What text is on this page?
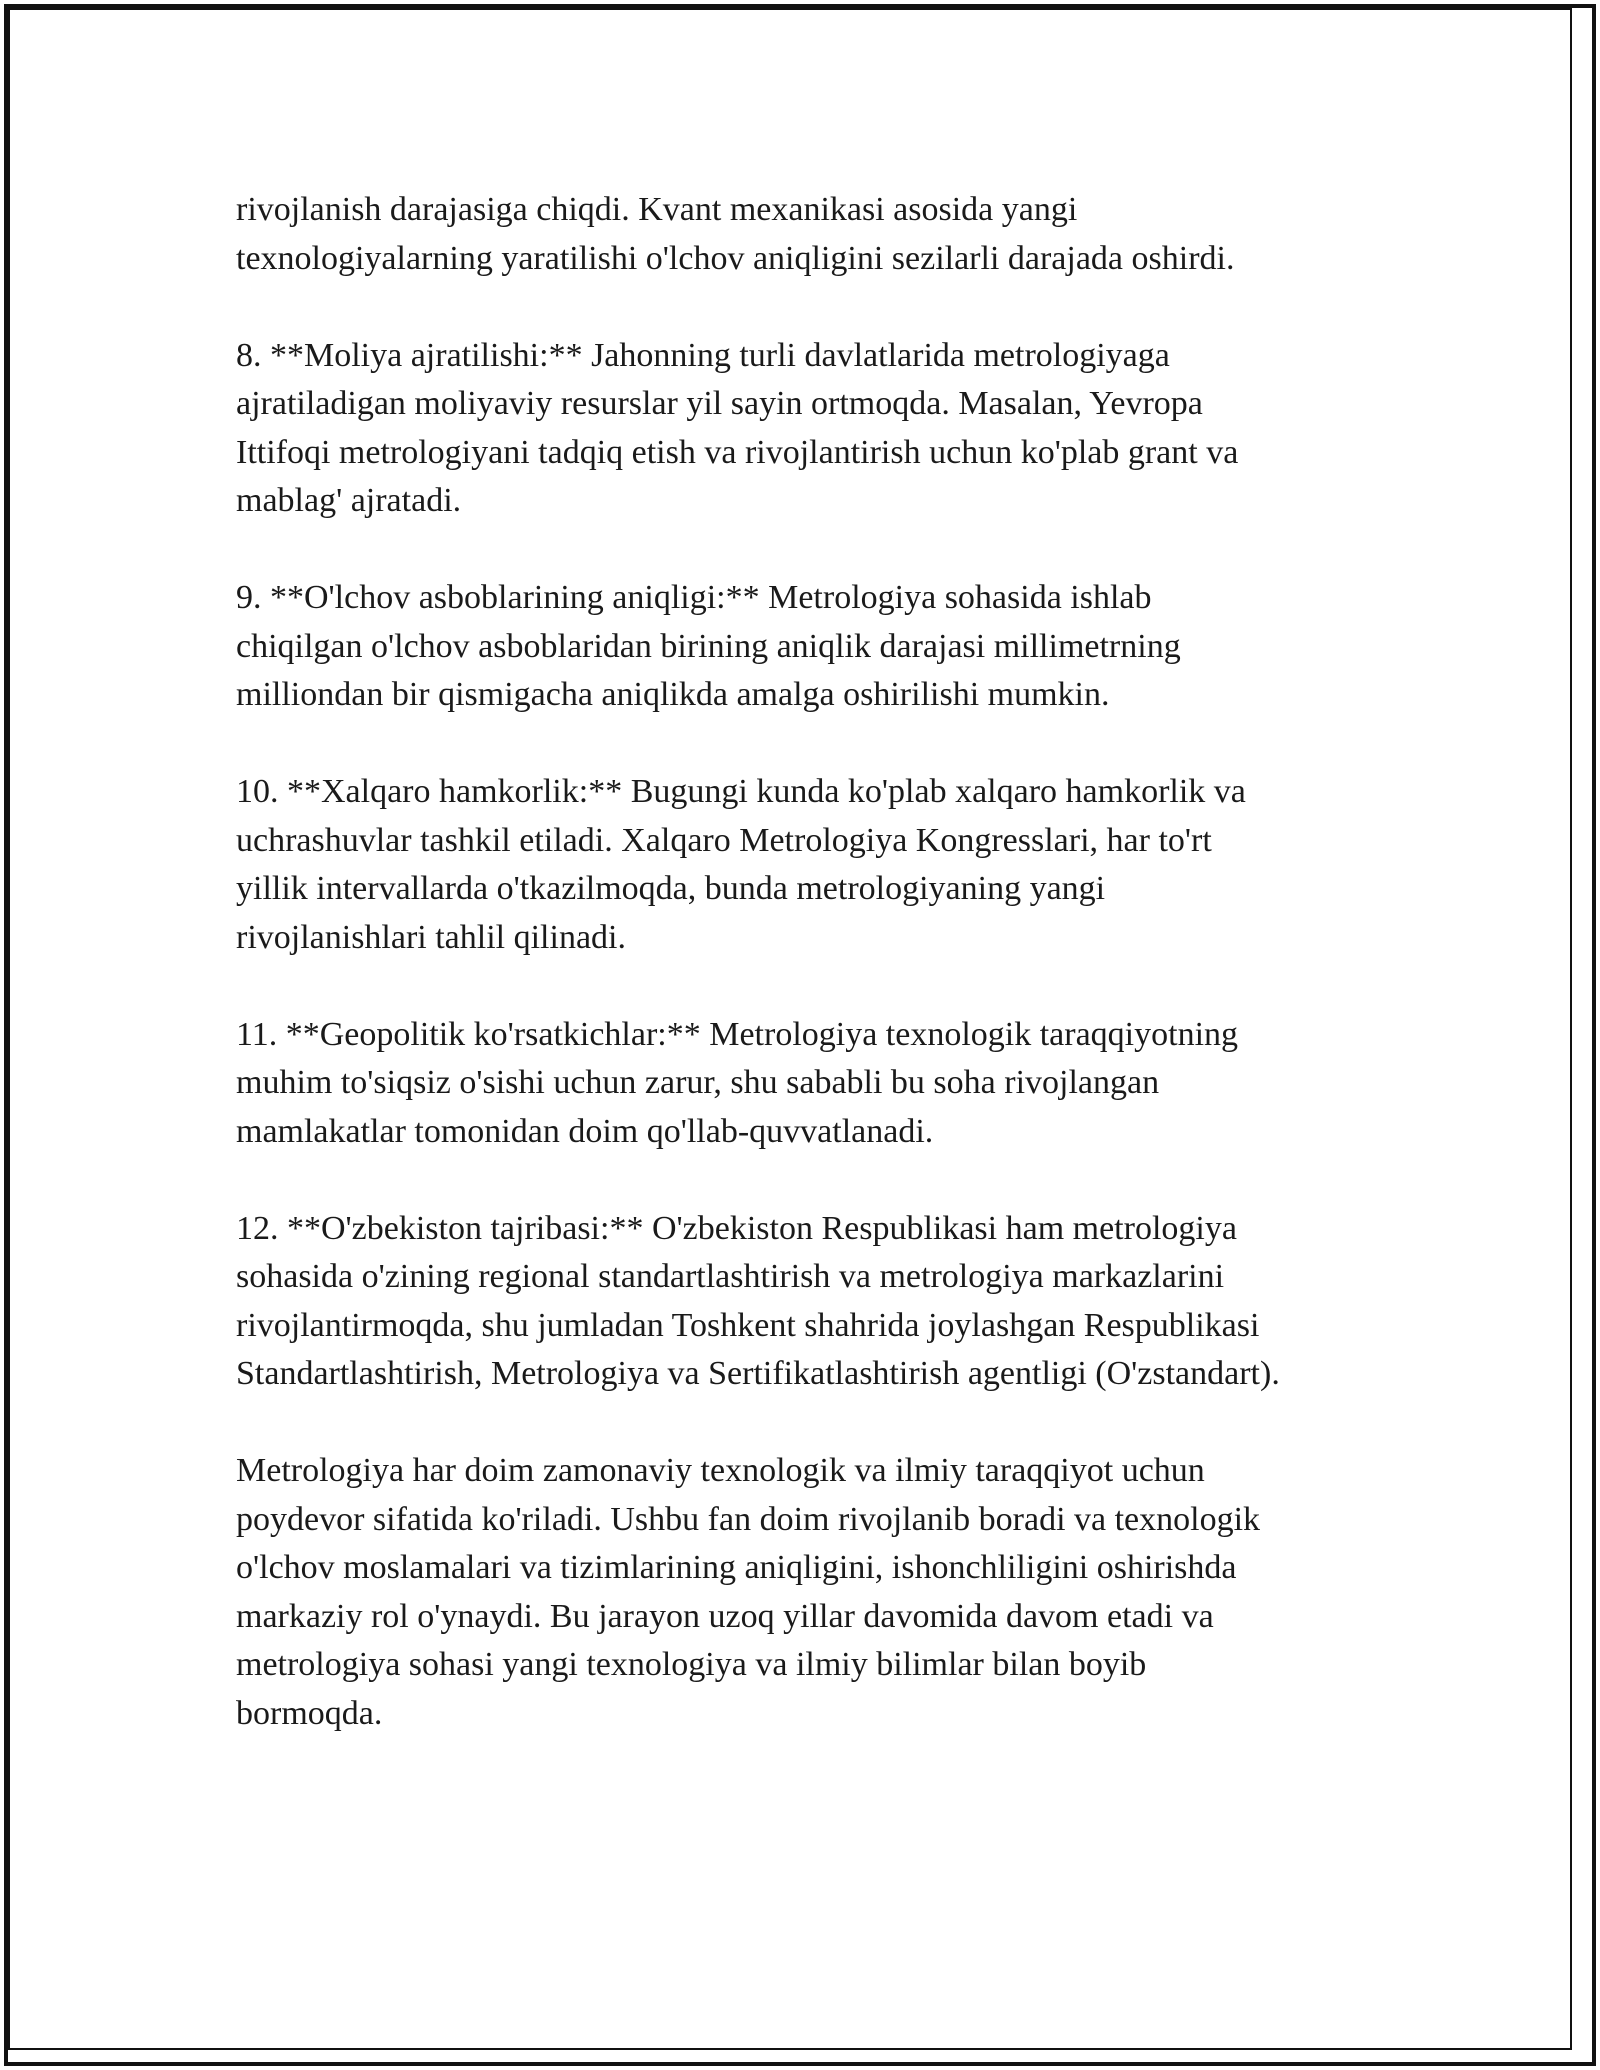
rivojlanish darajasiga chiqdi. Kvant mexanikasi asosida yangi
texnologiyalarning yaratilishi o'lchov aniqligini sezilarli darajada oshirdi.

8. **Moliya ajratilishi:** Jahonning turli davlatlarida metrologiyaga
ajratiladigan moliyaviy resurslar yil sayin ortmoqda. Masalan, Yevropa
Ittifoqi metrologiyani tadqiq etish va rivojlantirish uchun ko'plab grant va
mablag' ajratadi.

9. **O'lchov asboblarining aniqligi:** Metrologiya sohasida ishlab
chiqilgan o'lchov asboblaridan birining aniqlik darajasi millimetrning
milliondan bir qismigacha aniqlikda amalga oshirilishi mumkin.

10. **Xalqaro hamkorlik:** Bugungi kunda ko'plab xalqaro hamkorlik va
uchrashuvlar tashkil etiladi. Xalqaro Metrologiya Kongresslari, har to'rt
yillik intervallarda o'tkazilmoqda, bunda metrologiyaning yangi
rivojlanishlari tahlil qilinadi.

11. **Geopolitik ko'rsatkichlar:** Metrologiya texnologik taraqqiyotning
muhim to'siqsiz o'sishi uchun zarur, shu sababli bu soha rivojlangan
mamlakatlar tomonidan doim qo'llab-quvvatlanadi.

12. **O'zbekiston tajribasi:** O'zbekiston Respublikasi ham metrologiya
sohasida o'zining regional standartlashtirish va metrologiya markazlarini
rivojlantirmoqda, shu jumladan Toshkent shahrida joylashgan Respublikasi
Standartlashtirish, Metrologiya va Sertifikatlashtirish agentligi (O'zstandart).

Metrologiya har doim zamonaviy texnologik va ilmiy taraqqiyot uchun
poydevor sifatida ko'riladi. Ushbu fan doim rivojlanib boradi va texnologik
o'lchov moslamalari va tizimlarining aniqligini, ishonchliligini oshirishda
markaziy rol o'ynaydi. Bu jarayon uzoq yillar davomida davom etadi va
metrologiya sohasi yangi texnologiya va ilmiy bilimlar bilan boyib
bormoqda.
